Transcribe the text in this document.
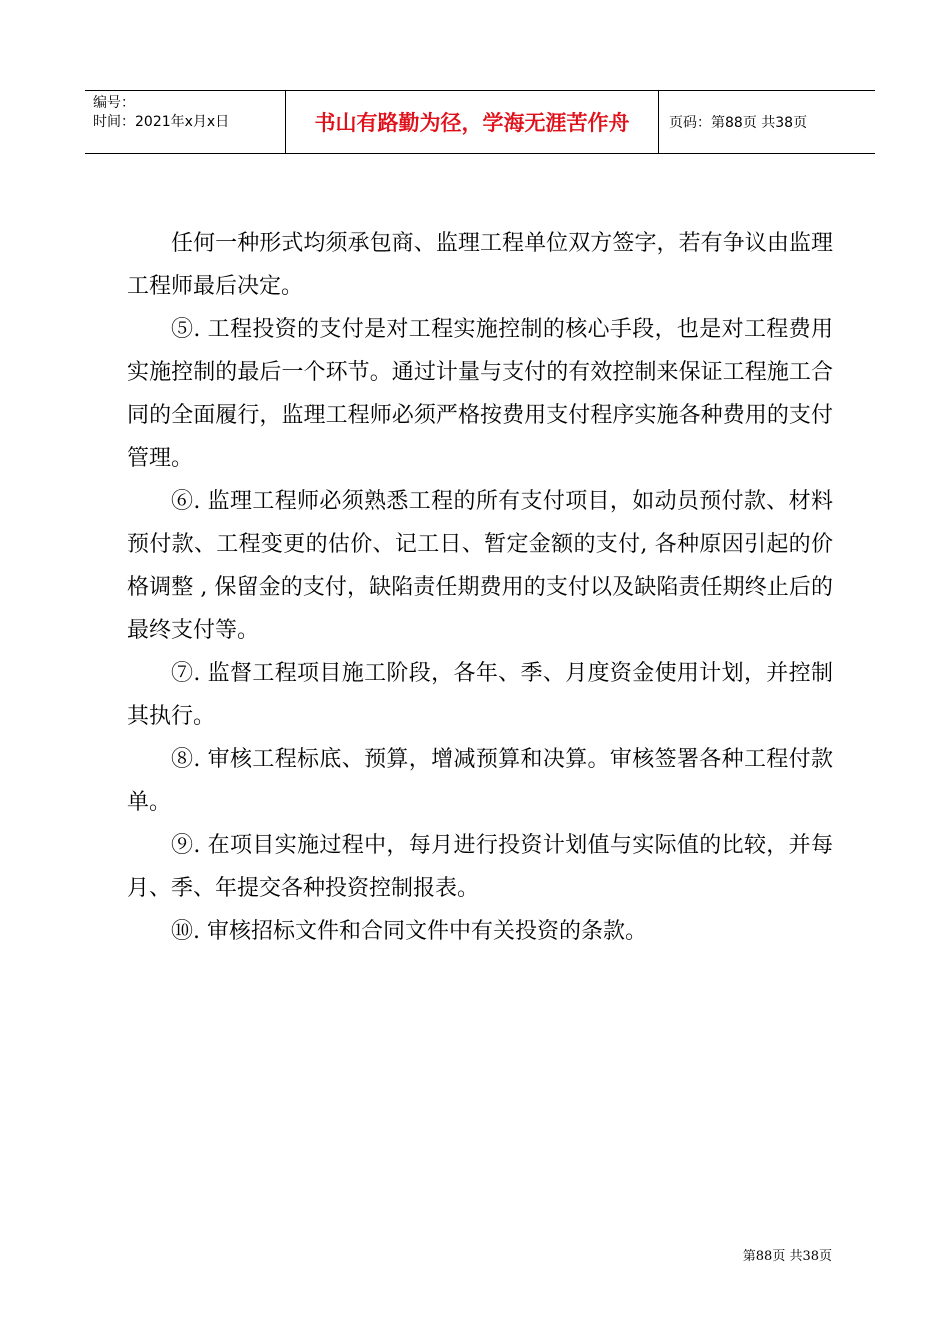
编号：
时间：2021年x月x日	书山有路勤为径，学海无涯苦作舟	页码：第88页 共38页

任何一种形式均须承包商、监理工程单位双方签字，若有争议由监理工程师最后决定。

⑤. 工程投资的支付是对工程实施控制的核心手段，也是对工程费用实施控制的最后一个环节。通过计量与支付的有效控制来保证工程施工合同的全面履行，监理工程师必须严格按费用支付程序实施各种费用的支付管理。

⑥. 监理工程师必须熟悉工程的所有支付项目，如动员预付款、材料预付款、工程变更的估价、记工日、暂定金额的支付, 各种原因引起的价格调整 , 保留金的支付，缺陷责任期费用的支付以及缺陷责任期终止后的最终支付等。

⑦. 监督工程项目施工阶段，各年、季、月度资金使用计划，并控制其执行。

⑧. 审核工程标底、预算，增减预算和决算。审核签署各种工程付款单。

⑨. 在项目实施过程中，每月进行投资计划值与实际值的比较，并每月、季、年提交各种投资控制报表。

⑩. 审核招标文件和合同文件中有关投资的条款。

第88页 共38页
